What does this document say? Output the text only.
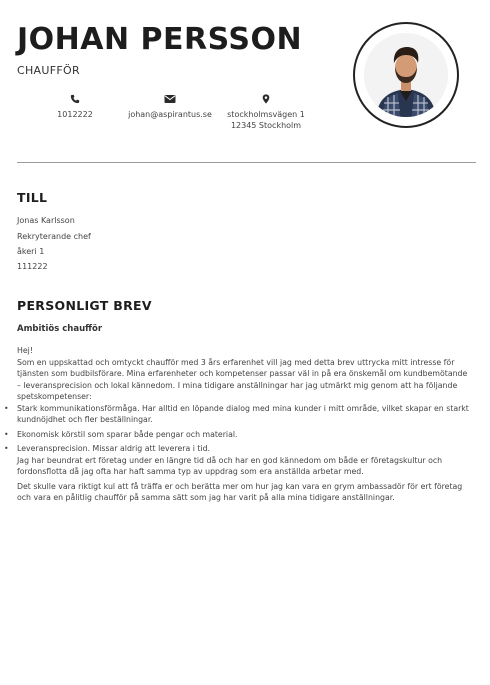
JOHAN PERSSON
CHAUFFÖR
1012222	johan@aspirantus.se	stockholmsvägen 1
12345 Stockholm
TILL
Jonas Karlsson
Rekryterande chef
åkeri 1
111222
PERSONLIGT BREV
Ambitiös chaufför

Hej!

Som en uppskattad och omtyckt chaufför med 3 års erfarenhet vill jag med detta brev uttrycka mitt intresse för tjänsten som budbilsförare. Mina erfarenheter och kompetenser passar väl in på era önskemål om kundbemötande – leveransprecision och lokal kännedom. I mina tidigare anställningar har jag utmärkt mig genom att ha följande spetskompetenser:

• Stark kommunikationsförmåga. Har alltid en löpande dialog med mina kunder i mitt område, vilket skapar en starkt kundnöjdhet och fler beställningar.
• Ekonomisk körstil som sparar både pengar och material.
• Leveransprecision. Missar aldrig att leverera i tid.

Jag har beundrat ert företag under en längre tid då och har en god kännedom om både er företagskultur och fordonsflotta då jag ofta har haft samma typ av uppdrag som era anställda arbetar med.

Det skulle vara riktigt kul att få träffa er och berätta mer om hur jag kan vara en grym ambassadör för ert företag och vara en pålitlig chaufför på samma sätt som jag har varit på alla mina tidigare anställningar.
